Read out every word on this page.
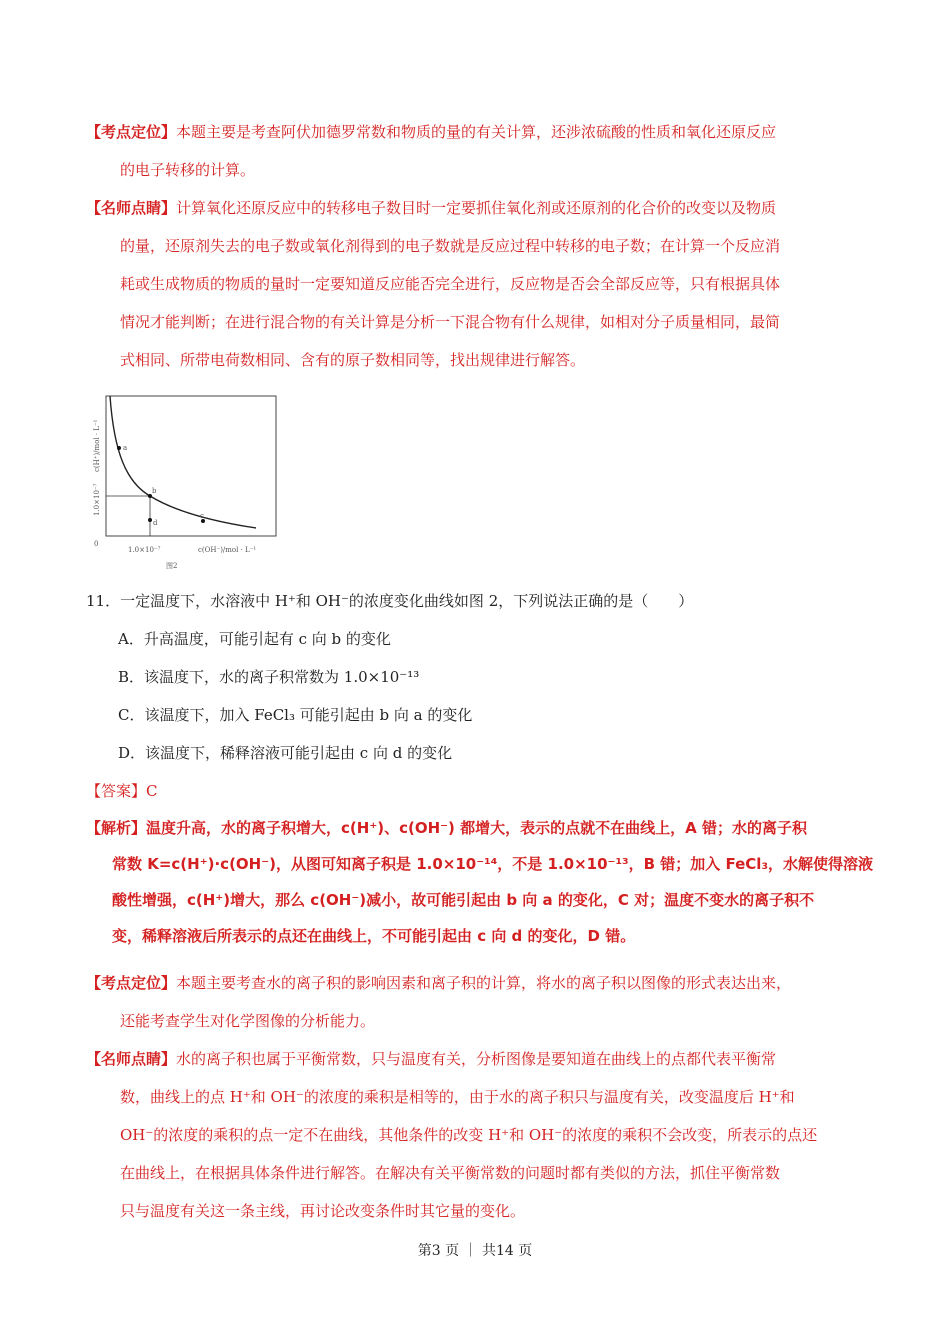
【考点定位】本题主要是考查阿伏加德罗常数和物质的量的有关计算，还涉浓硫酸的性质和氧化还原反应
的电子转移的计算。
【名师点睛】计算氧化还原反应中的转移电子数目时一定要抓住氧化剂或还原剂的化合价的改变以及物质
的量，还原剂失去的电子数或氧化剂得到的电子数就是反应过程中转移的电子数；在计算一个反应消
耗或生成物质的物质的量时一定要知道反应能否完全进行，反应物是否会全部反应等，只有根据具体
情况才能判断；在进行混合物的有关计算是分析一下混合物有什么规律，如相对分子质量相同，最简
式相同、所带电荷数相同、含有的原子数相同等，找出规律进行解答。
a
b
d
c
c(H⁺)/mol · L⁻¹
1.0×10⁻⁷
0
1.0×10⁻⁷	c(OH⁻)/mol · L⁻¹
图2
11．一定温度下，水溶液中 H⁺和 OH⁻的浓度变化曲线如图 2，下列说法正确的是（　　）
A．升高温度，可能引起有 c 向 b 的变化
B．该温度下，水的离子积常数为 1.0×10⁻¹³
C．该温度下，加入 FeCl₃ 可能引起由 b 向 a 的变化
D．该温度下，稀释溶液可能引起由 c 向 d 的变化
【答案】C
【解析】温度升高，水的离子积增大，c(H⁺)、c(OH⁻) 都增大，表示的点就不在曲线上，A 错；水的离子积
常数 K=c(H⁺)·c(OH⁻)，从图可知离子积是 1.0×10⁻¹⁴，不是 1.0×10⁻¹³，B 错；加入 FeCl₃，水解使得溶液
酸性增强，c(H⁺)增大，那么 c(OH⁻)减小，故可能引起由 b 向 a 的变化，C 对；温度不变水的离子积不
变，稀释溶液后所表示的点还在曲线上，不可能引起由 c 向 d 的变化，D 错。
【考点定位】本题主要考查水的离子积的影响因素和离子积的计算，将水的离子积以图像的形式表达出来，
还能考查学生对化学图像的分析能力。
【名师点睛】水的离子积也属于平衡常数，只与温度有关，分析图像是要知道在曲线上的点都代表平衡常
数，曲线上的点 H⁺和 OH⁻的浓度的乘积是相等的，由于水的离子积只与温度有关，改变温度后 H⁺和
OH⁻的浓度的乘积的点一定不在曲线，其他条件的改变 H⁺和 OH⁻的浓度的乘积不会改变，所表示的点还
在曲线上，在根据具体条件进行解答。在解决有关平衡常数的问题时都有类似的方法，抓住平衡常数
只与温度有关这一条主线，再讨论改变条件时其它量的变化。
第3 页 ｜ 共14 页
